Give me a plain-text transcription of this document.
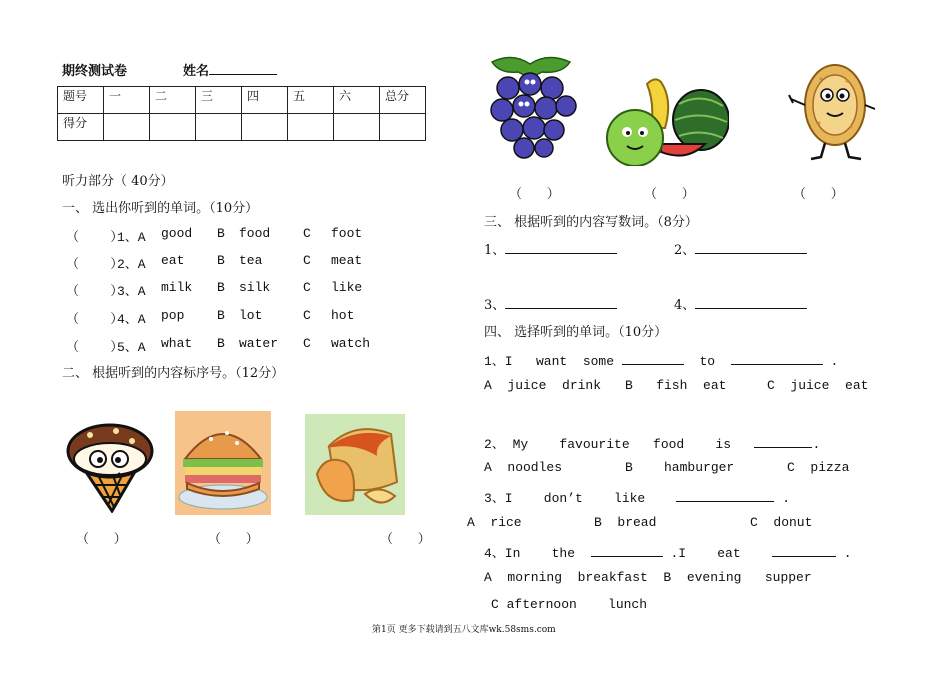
期终测试卷	姓名
题号	一	二	三	四	五	六	总分
得分							
听力部分（ 40分）
一、 选出你听到的单词。（10分）
（    ）
1、A good B food	C foot
（    ）
2、A eat	B tea	C meat
（    ）
3、A milk B silk	C like
（    ）
4、A pop	B lot	C hot
（    ）
5、A what B water C watch
二、 根据听到的内容标序号。（12分）
（      ）	（      ）	（      ）
（      ）	（      ）	（      ）
三、 根据听到的内容写数词。（8分）
1、	2、
3、	4、
四、 选择听到的单词。（10分）
1、I   want  some	to	.
A  juice  drink B   fish  eat	C  juice  eat
2、 My    favourite   food    is	.
A  noodles	B    hamburger	C  pizza
3、I    don’t    like	.
A  rice	B  bread	C  donut
4、In    the	.I    eat	.
A  morning  breakfast  B  evening   supper
C afternoon    lunch
第1页 更多下载请到五八文库wk.58sms.com
